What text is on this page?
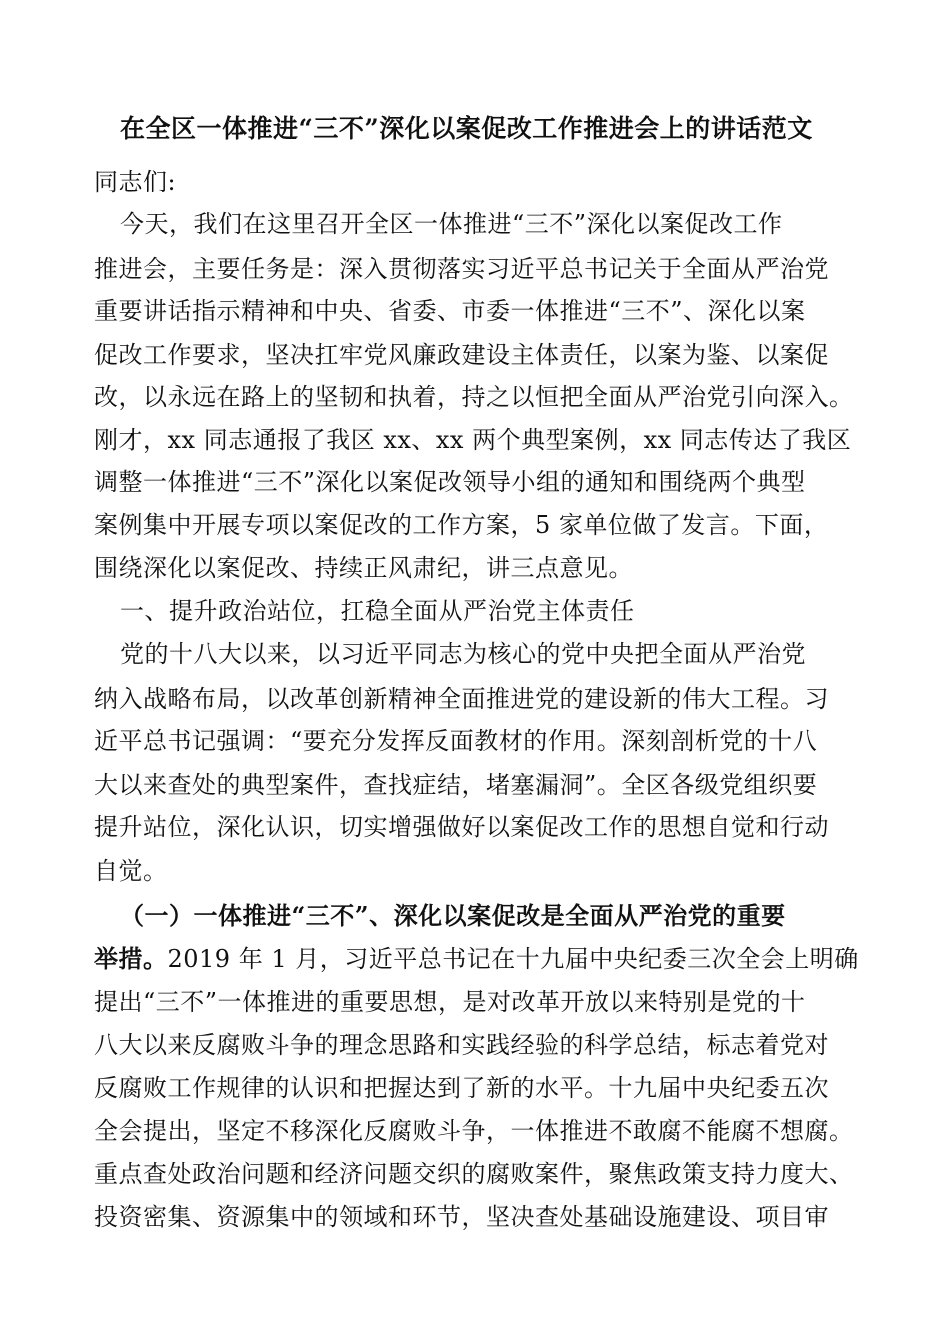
在全区一体推进“三不”深化以案促改工作推进会上的讲话范文
同志们:
今天，我们在这里召开全区一体推进“三不”深化以案促改工作
推进会，主要任务是：深入贯彻落实习近平总书记关于全面从严治党
重要讲话指示精神和中央、省委、市委一体推进“三不”、深化以案
促改工作要求，坚决扛牢党风廉政建设主体责任，以案为鉴、以案促
改，以永远在路上的坚韧和执着，持之以恒把全面从严治党引向深入。
刚才，xx 同志通报了我区 xx、xx 两个典型案例，xx 同志传达了我区
调整一体推进“三不”深化以案促改领导小组的通知和围绕两个典型
案例集中开展专项以案促改的工作方案，5 家单位做了发言。下面，
围绕深化以案促改、持续正风肃纪，讲三点意见。
一、提升政治站位，扛稳全面从严治党主体责任
党的十八大以来，以习近平同志为核心的党中央把全面从严治党
纳入战略布局，以改革创新精神全面推进党的建设新的伟大工程。习
近平总书记强调：“要充分发挥反面教材的作用。深刻剖析党的十八
大以来查处的典型案件，查找症结，堵塞漏洞”。全区各级党组织要
提升站位，深化认识，切实增强做好以案促改工作的思想自觉和行动
自觉。
（一）一体推进“三不”、深化以案促改是全面从严治党的重要
举措。2019 年 1 月，习近平总书记在十九届中央纪委三次全会上明确
提出“三不”一体推进的重要思想，是对改革开放以来特别是党的十
八大以来反腐败斗争的理念思路和实践经验的科学总结，标志着党对
反腐败工作规律的认识和把握达到了新的水平。十九届中央纪委五次
全会提出，坚定不移深化反腐败斗争，一体推进不敢腐不能腐不想腐。
重点查处政治问题和经济问题交织的腐败案件，聚焦政策支持力度大、
投资密集、资源集中的领域和环节，坚决查处基础设施建设、项目审
